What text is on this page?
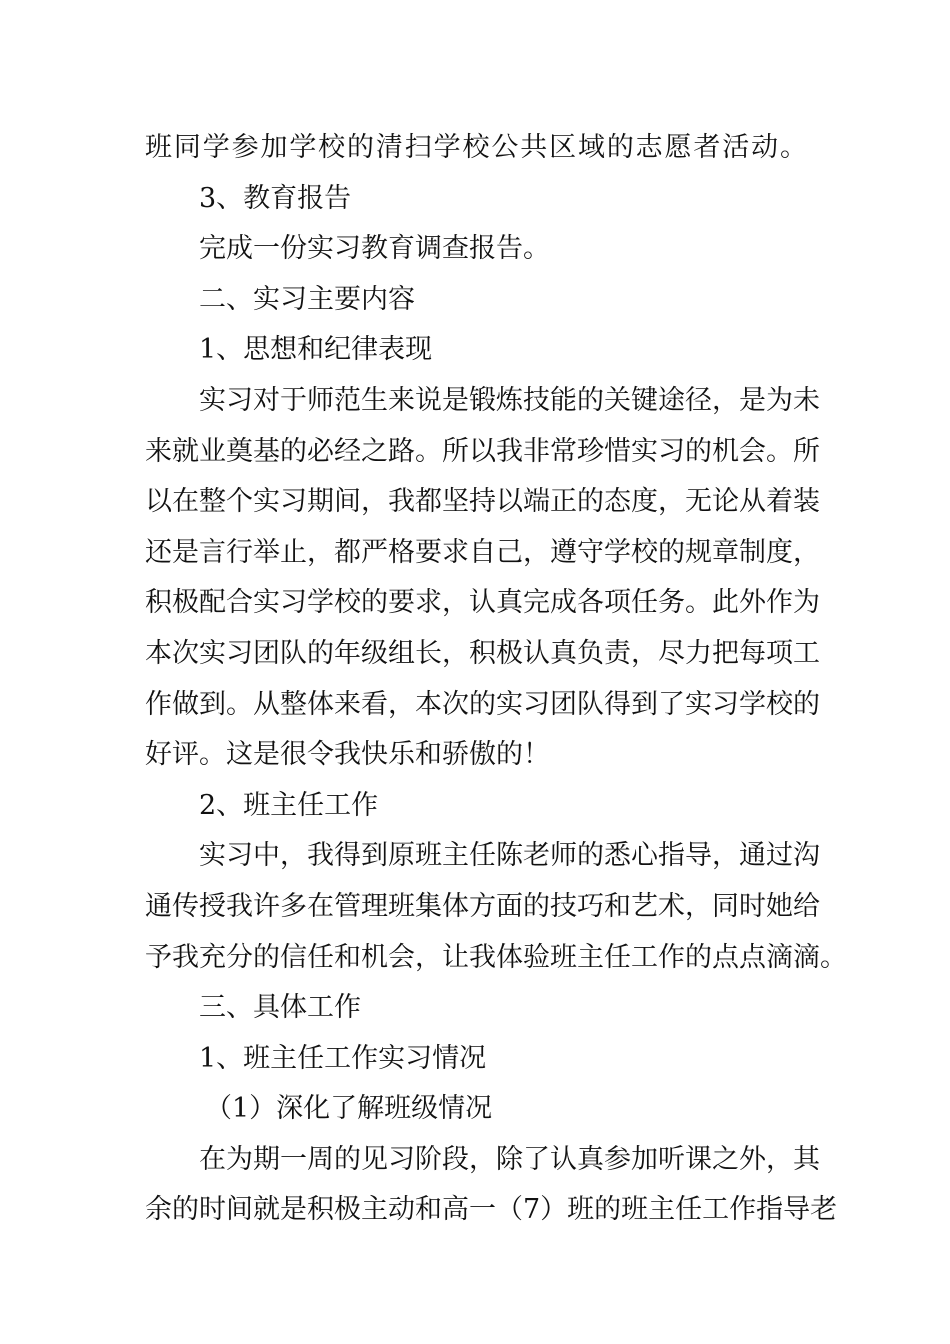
班同学参加学校的清扫学校公共区域的志愿者活动。
3、教育报告
完成一份实习教育调查报告。
二、实习主要内容
1、思想和纪律表现
实习对于师范生来说是锻炼技能的关键途径，是为未
来就业奠基的必经之路。所以我非常珍惜实习的机会。所
以在整个实习期间，我都坚持以端正的态度，无论从着装
还是言行举止，都严格要求自己，遵守学校的规章制度，
积极配合实习学校的要求，认真完成各项任务。此外作为
本次实习团队的年级组长，积极认真负责，尽力把每项工
作做到。从整体来看，本次的实习团队得到了实习学校的
好评。这是很令我快乐和骄傲的！
2、班主任工作
实习中，我得到原班主任陈老师的悉心指导，通过沟
通传授我许多在管理班集体方面的技巧和艺术，同时她给
予我充分的信任和机会，让我体验班主任工作的点点滴滴。
三、具体工作
1、班主任工作实习情况
（1）深化了解班级情况
在为期一周的见习阶段，除了认真参加听课之外，其
余的时间就是积极主动和高一（7）班的班主任工作指导老
